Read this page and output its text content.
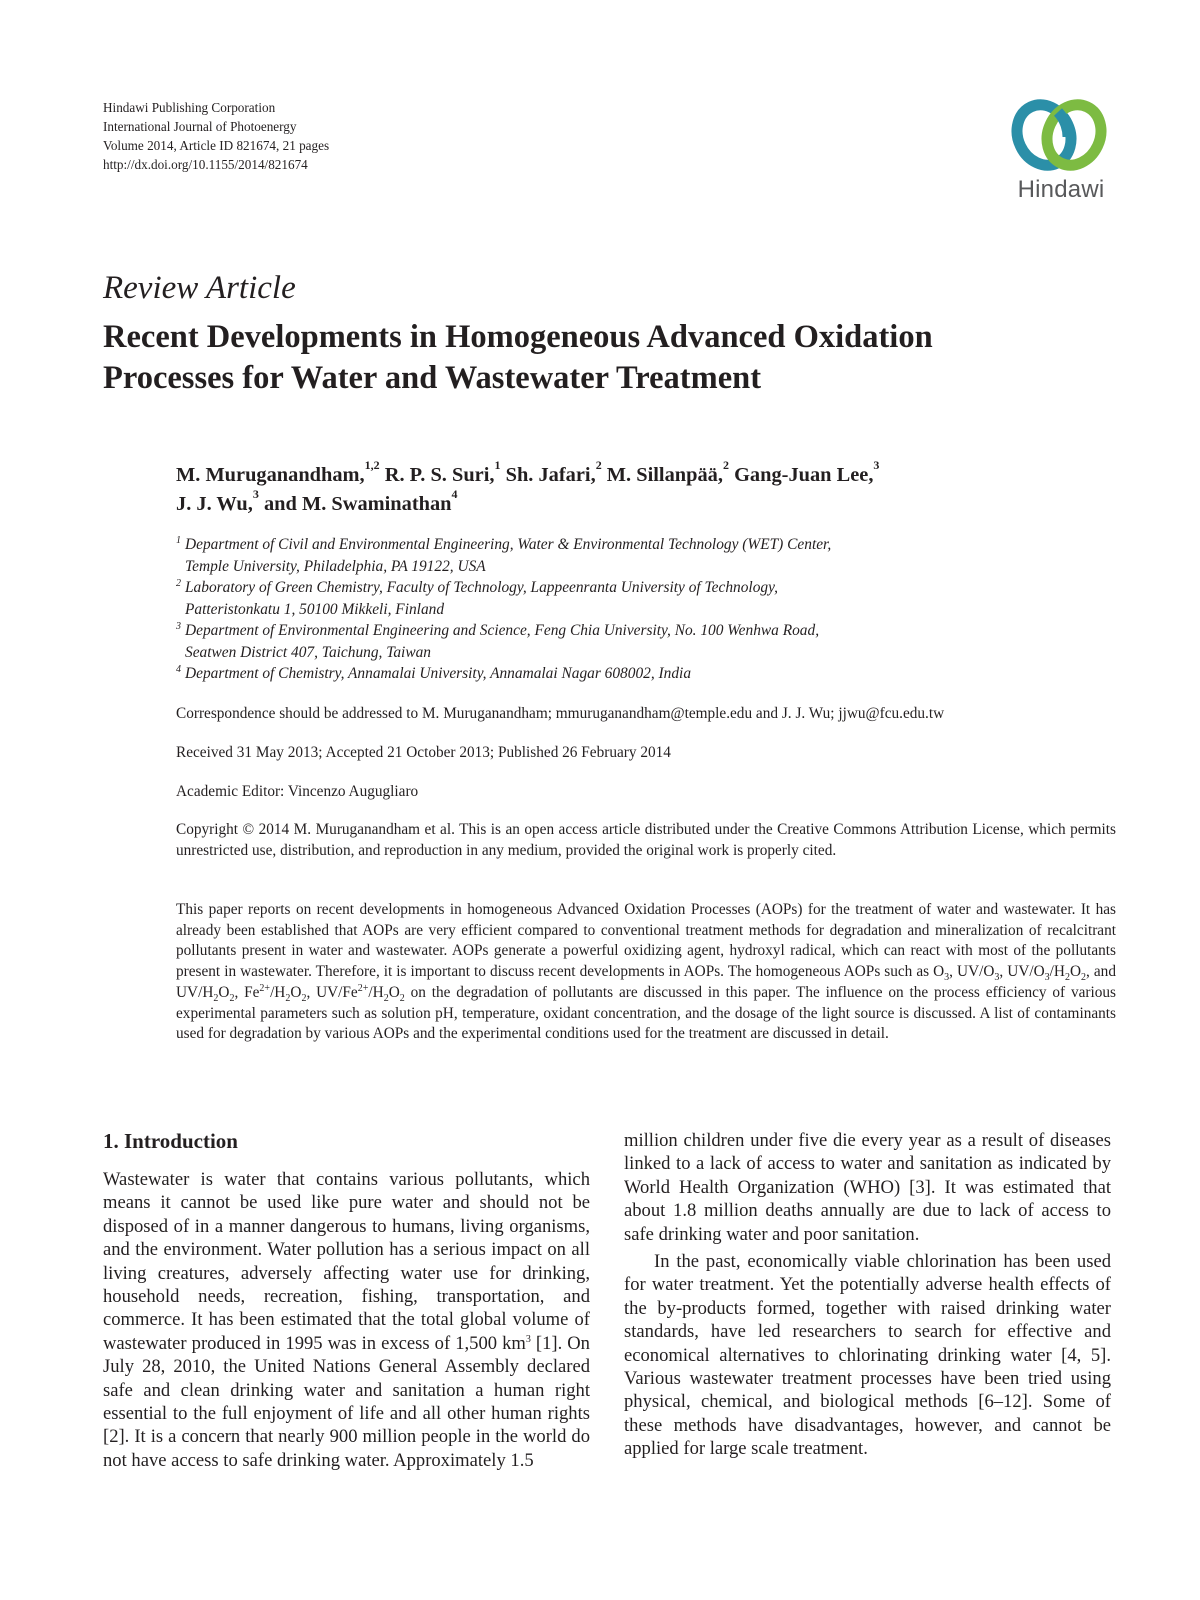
Hindawi Publishing Corporation
International Journal of Photoenergy
Volume 2014, Article ID 821674, 21 pages
http://dx.doi.org/10.1155/2014/821674
Hindawi
Review Article
Recent Developments in Homogeneous Advanced Oxidation
Processes for Water and Wastewater Treatment
M. Muruganandham,$^{1,2}$ R. P. S. Suri,$^1$ Sh. Jafari,$^2$ M. Sillanpää,$^2$ Gang-Juan Lee,$^3$
J. J. Wu,$^3$ and M. Swaminathan$^4$
1 Department of Civil and Environmental Engineering, Water & Environmental Technology (WET) Center,
Temple University, Philadelphia, PA 19122, USA
2 Laboratory of Green Chemistry, Faculty of Technology, Lappeenranta University of Technology,
Patteristonkatu 1, 50100 Mikkeli, Finland
3 Department of Environmental Engineering and Science, Feng Chia University, No. 100 Wenhwa Road,
Seatwen District 407, Taichung, Taiwan
4 Department of Chemistry, Annamalai University, Annamalai Nagar 608002, India
Correspondence should be addressed to M. Muruganandham; mmuruganandham@temple.edu and J. J. Wu; jjwu@fcu.edu.tw
Received 31 May 2013; Accepted 21 October 2013; Published 26 February 2014
Academic Editor: Vincenzo Augugliaro
Copyright © 2014 M. Muruganandham et al. This is an open access article distributed under the Creative Commons Attribution License, which permits unrestricted use, distribution, and reproduction in any medium, provided the original work is properly cited.
This paper reports on recent developments in homogeneous Advanced Oxidation Processes (AOPs) for the treatment of water and wastewater. It has already been established that AOPs are very efficient compared to conventional treatment methods for degradation and mineralization of recalcitrant pollutants present in water and wastewater. AOPs generate a powerful oxidizing agent, hydroxyl radical, which can react with most of the pollutants present in wastewater. Therefore, it is important to discuss recent developments in AOPs. The homogeneous AOPs such as $O_3$, $UV/O_3$, $UV/O_3/H_2O_2$, and $UV/H_2O_2$, $Fe^{2+}/H_2O_2$, $UV/Fe^{2+}/H_2O_2$ on the degradation of pollutants are discussed in this paper. The influence on the process efficiency of various experimental parameters such as solution pH, temperature, oxidant concentration, and the dosage of the light source is discussed. A list of contaminants used for degradation by various AOPs and the experimental conditions used for the treatment are discussed in detail.
1. Introduction

Wastewater is water that contains various pollutants, which means it cannot be used like pure water and should not be disposed of in a manner dangerous to humans, living organisms, and the environment. Water pollution has a serious impact on all living creatures, adversely affecting water use for drinking, household needs, recreation, fishing, transportation, and commerce. It has been estimated that the total global volume of wastewater produced in 1995 was in excess of 1,500 $km^3$ [1]. On July 28, 2010, the United Nations General Assembly declared safe and clean drinking water and sanitation a human right essential to the full enjoyment of life and all other human rights [2]. It is a concern that nearly 900 million people in the world do not have access to safe drinking water. Approximately 1.5

million children under five die every year as a result of diseases linked to a lack of access to water and sanitation as indicated by World Health Organization (WHO) [3]. It was estimated that about 1.8 million deaths annually are due to lack of access to safe drinking water and poor sanitation.

In the past, economically viable chlorination has been used for water treatment. Yet the potentially adverse health effects of the by-products formed, together with raised drinking water standards, have led researchers to search for effective and economical alternatives to chlorinating drinking water [4, 5]. Various wastewater treatment processes have been tried using physical, chemical, and biological methods [6–12]. Some of these methods have disadvantages, however, and cannot be applied for large scale treatment.
